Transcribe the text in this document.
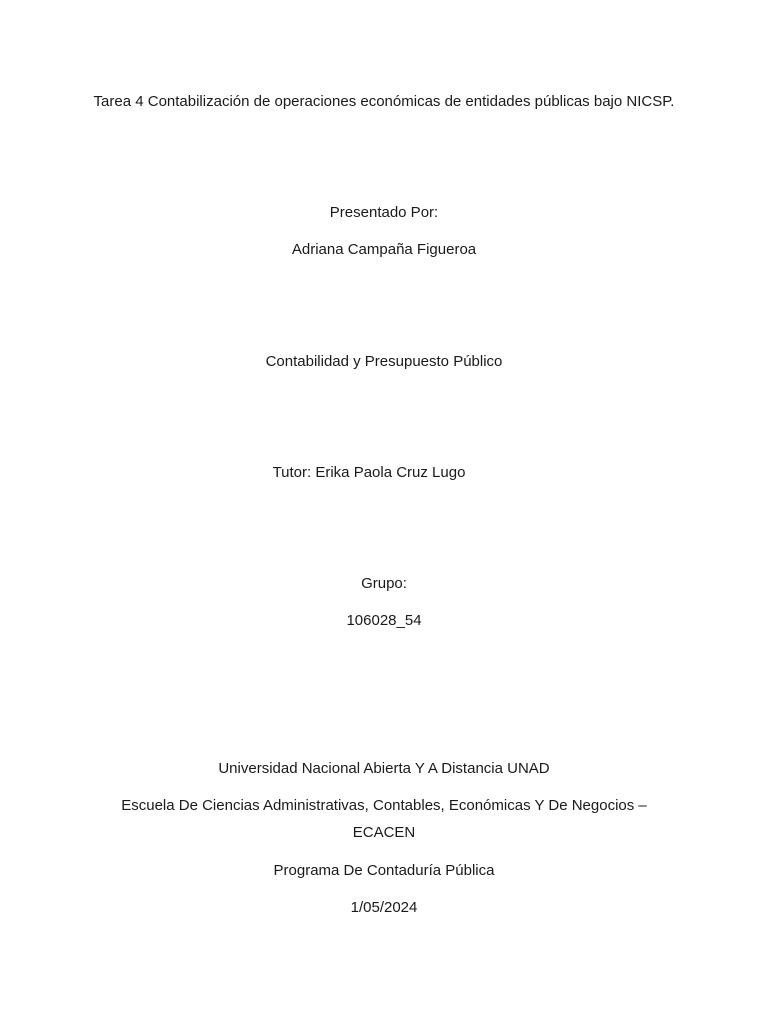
Tarea 4 Contabilización de operaciones económicas de entidades públicas bajo NICSP.
Presentado Por:
Adriana Campaña Figueroa
Contabilidad y Presupuesto Público
Tutor: Erika Paola Cruz Lugo
Grupo:
106028_54
Universidad Nacional Abierta Y A Distancia UNAD
Escuela De Ciencias Administrativas, Contables, Económicas Y De Negocios – ECACEN
Programa De Contaduría Pública
1/05/2024
